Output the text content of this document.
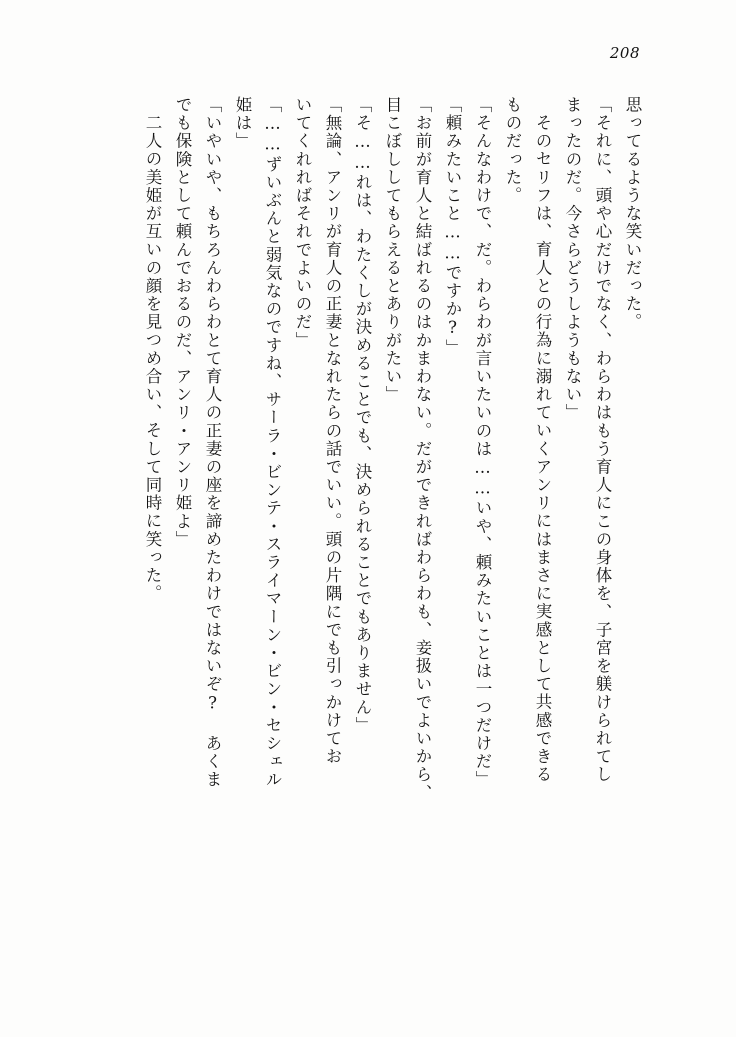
208
思ってるような笑いだった。
「それに、頭や心だけでなく、わらわはもう育人にこの身体を、子宮を躾けられてし
まったのだ。今さらどうしようもない」
そのセリフは、育人との行為に溺れていくアンリにはまさに実感として共感できる
ものだった。
「そんなわけで、だ。わらわが言いたいのは……いや、頼みたいことは一つだけだ」
「頼みたいこと……ですか?」
「お前が育人と結ばれるのはかまわない。だができればわらわも、妾扱いでよいから、
目こぼししてもらえるとありがたい」
「そ……れは、わたくしが決めることでも、決められることでもありません」
「無論、アンリが育人の正妻となれたらの話でいい。頭の片隅にでも引っかけてお
いてくれればそれでよいのだ」
「……ずいぶんと弱気なのですね、サーラ・ビンテ・スライマーン・ビン・セシェル
姫は」
「いやいや、もちろんわらわとて育人の正妻の座を諦めたわけではないぞ? あくま
でも保険として頼んでおるのだ、アンリ・アンリ姫よ」
二人の美姫が互いの顔を見つめ合い、そして同時に笑った。
